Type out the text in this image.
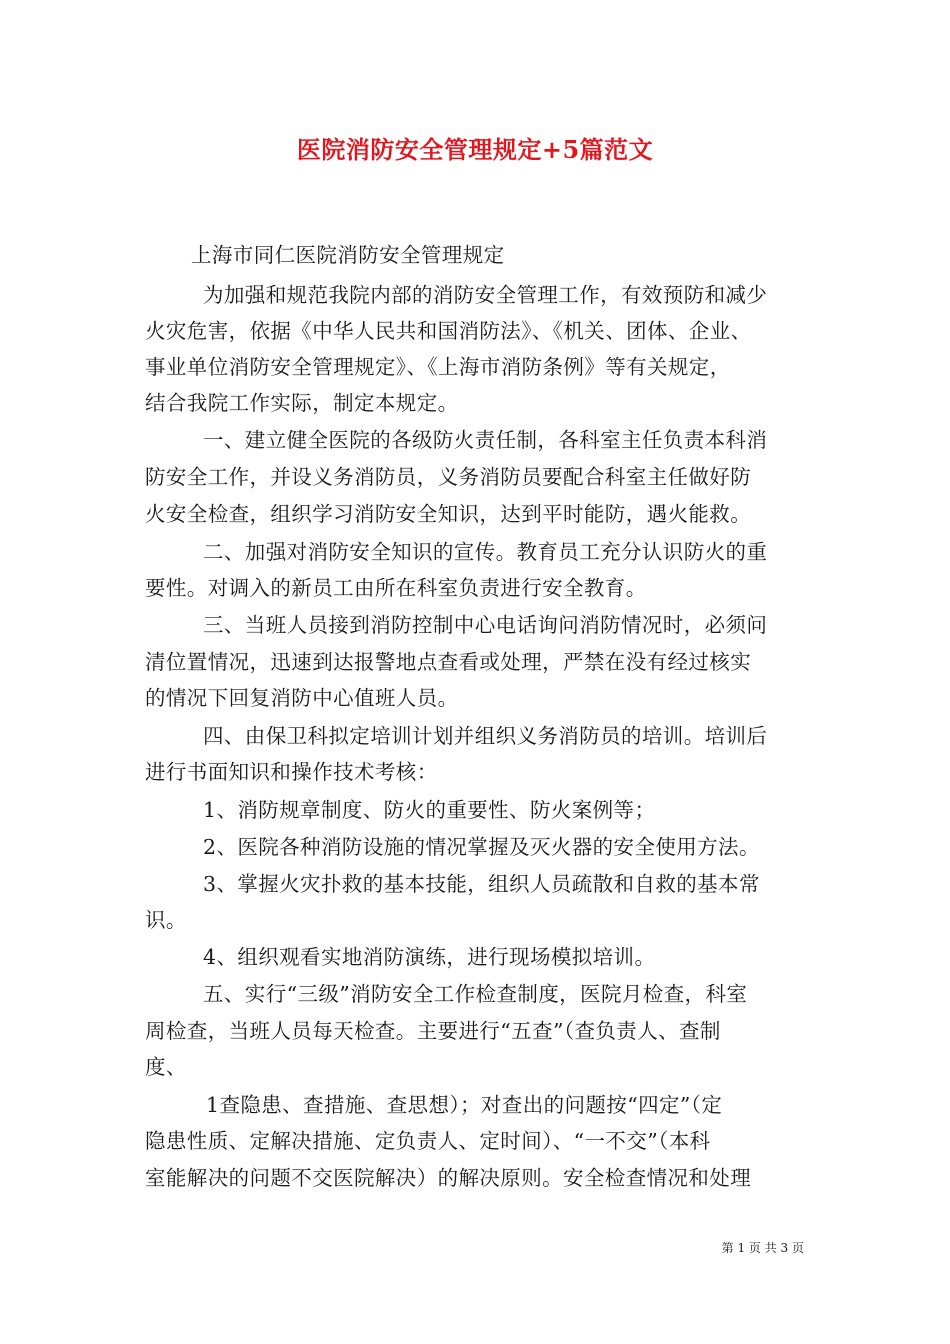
医院消防安全管理规定+5篇范文
上海市同仁医院消防安全管理规定
为加强和规范我院内部的消防安全管理工作，有效预防和减少
火灾危害，依据《中华人民共和国消防法》、《机关、团体、企业、
事业单位消防安全管理规定》、《上海市消防条例》等有关规定，
结合我院工作实际，制定本规定。
一、建立健全医院的各级防火责任制，各科室主任负责本科消
防安全工作，并设义务消防员，义务消防员要配合科室主任做好防
火安全检查，组织学习消防安全知识，达到平时能防，遇火能救。
二、加强对消防安全知识的宣传。教育员工充分认识防火的重
要性。对调入的新员工由所在科室负责进行安全教育。
三、当班人员接到消防控制中心电话询问消防情况时，必须问
清位置情况，迅速到达报警地点查看或处理，严禁在没有经过核实
的情况下回复消防中心值班人员。
四、由保卫科拟定培训计划并组织义务消防员的培训。培训后
进行书面知识和操作技术考核：
1、消防规章制度、防火的重要性、防火案例等；
2、医院各种消防设施的情况掌握及灭火器的安全使用方法。
3、掌握火灾扑救的基本技能，组织人员疏散和自救的基本常
识。
4、组织观看实地消防演练，进行现场模拟培训。
五、实行“三级”消防安全工作检查制度，医院月检查，科室
周检查，当班人员每天检查。主要进行“五查”（查负责人、查制
度、
1查隐患、查措施、查思想）；对查出的问题按“四定”（定
隐患性质、定解决措施、定负责人、定时间）、“一不交”（本科
室能解决的问题不交医院解决）的解决原则。安全检查情况和处理
第 1 页 共 3 页
